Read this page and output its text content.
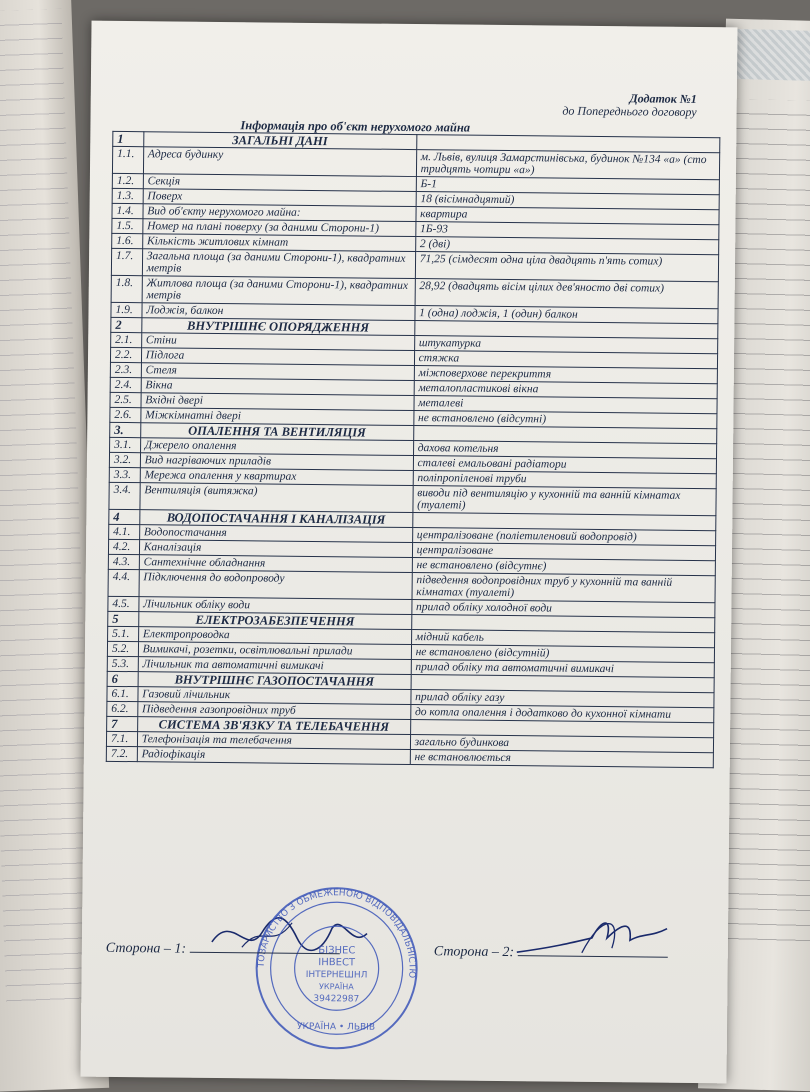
Додаток №1
до Попереднього договору
Інформація про об'єкт нерухомого майна
1	ЗАГАЛЬНІ ДАНІ	
1.1.	Адреса будинку	м. Львів, вулиця Замарстинівська, будинок №134 «а» (сто тридцять чотири «а»)
1.2.	Секція	Б-1
1.3.	Поверх	18 (вісімнадцятий)
1.4.	Вид об'єкту нерухомого майна:	квартира
1.5.	Номер на плані поверху (за даними Сторони-1)	1Б-93
1.6.	Кількість житлових кімнат	2 (дві)
1.7.	Загальна площа (за даними Сторони-1), квадратних метрів	71,25 (сімдесят одна ціла двадцять п'ять сотих)
1.8.	Житлова площа (за даними Сторони-1), квадратних метрів	28,92 (двадцять вісім цілих дев'яносто дві сотих)
1.9.	Лоджія, балкон	1 (одна) лоджія, 1 (один) балкон
2	ВНУТРІШНЄ ОПОРЯДЖЕННЯ	
2.1.	Стіни	штукатурка
2.2.	Підлога	стяжка
2.3.	Стеля	міжповерхове перекриття
2.4.	Вікна	металопластикові вікна
2.5.	Вхідні двері	металеві
2.6.	Міжкімнатні двері	не встановлено (відсутні)
3.	ОПАЛЕННЯ ТА ВЕНТИЛЯЦІЯ	
3.1.	Джерело опалення	дахова котельня
3.2.	Вид нагріваючих приладів	сталеві емальовані радіатори
3.3.	Мережа опалення у квартирах	поліпропіленові труби
3.4.	Вентиляція (витяжка)	виводи під вентиляцію у кухонній та ванній кімнатах (туалеті)
4	ВОДОПОСТАЧАННЯ І КАНАЛІЗАЦІЯ	
4.1.	Водопостачання	централізоване (поліетиленовий водопровід)
4.2.	Каналізація	централізоване
4.3.	Сантехнічне обладнання	не встановлено (відсутнє)
4.4.	Підключення до водопроводу	підведення водопровідних труб у кухонній та ванній кімнатах (туалеті)
4.5.	Лічильник обліку води	прилад обліку холодної води
5	ЕЛЕКТРОЗАБЕЗПЕЧЕННЯ	
5.1.	Електропроводка	мідний кабель
5.2.	Вимикачі, розетки, освітлювальні прилади	не встановлено (відсутній)
5.3.	Лічильник та автоматичні вимикачі	прилад обліку та автоматичні вимикачі
6	ВНУТРІШНЄ ГАЗОПОСТАЧАННЯ	
6.1.	Газовий лічильник	прилад обліку газу
6.2.	Підведення газопровідних труб	до котла опалення і додатково до кухонної кімнати
7	СИСТЕМА ЗВ'ЯЗКУ ТА ТЕЛЕБАЧЕННЯ	
7.1.	Телефонізація та телебачення	загально будинкова
7.2.	Радіофікація	не встановлюється
ТОВАРИСТВО З ОБМЕЖЕНОЮ ВІДПОВІДАЛЬНІСТЮ
БІЗНЕС
ІНВЕСТ
ІНТЕРНЕШНЛ
УКРАЇНА
39422987
УКРАЇНА • ЛЬВІВ
Сторона – 1:	Сторона – 2:
